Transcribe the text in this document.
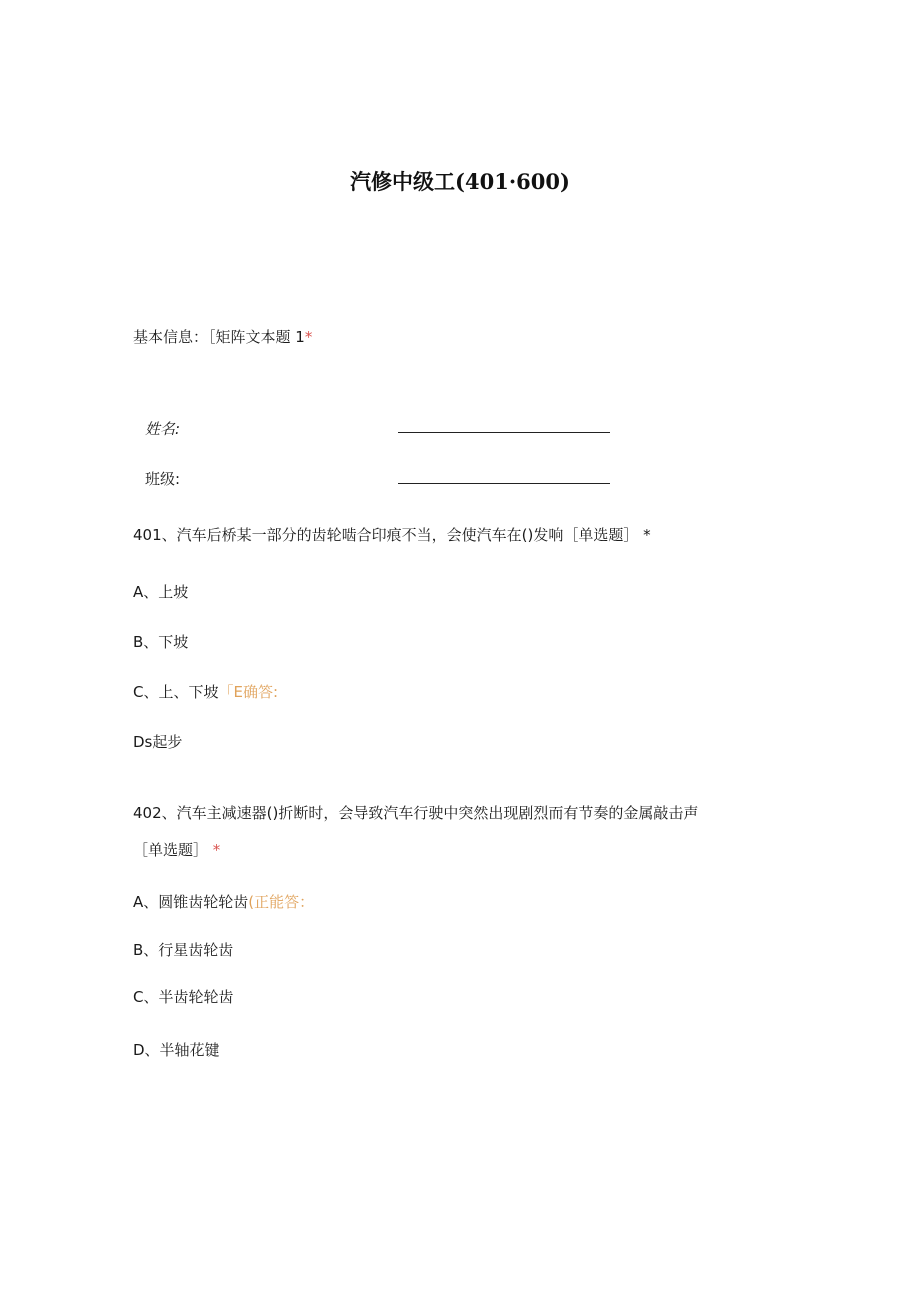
汽修中级工(401·600)
基本信息：［矩阵文本题 1*
姓名:
班级:
401、汽车后桥某一部分的齿轮啮合印痕不当，会使汽车在()发响［单选题］ *
A、上坡
B、下坡
C、上、下坡「E确答:
Ds起步
402、汽车主减速器()折断时，会导致汽车行驶中突然出现剧烈而有节奏的金属敲击声
［单选题］ *
A、圆锥齿轮轮齿(正能答：
B、行星齿轮齿
C、半齿轮轮齿
D、半轴花键
